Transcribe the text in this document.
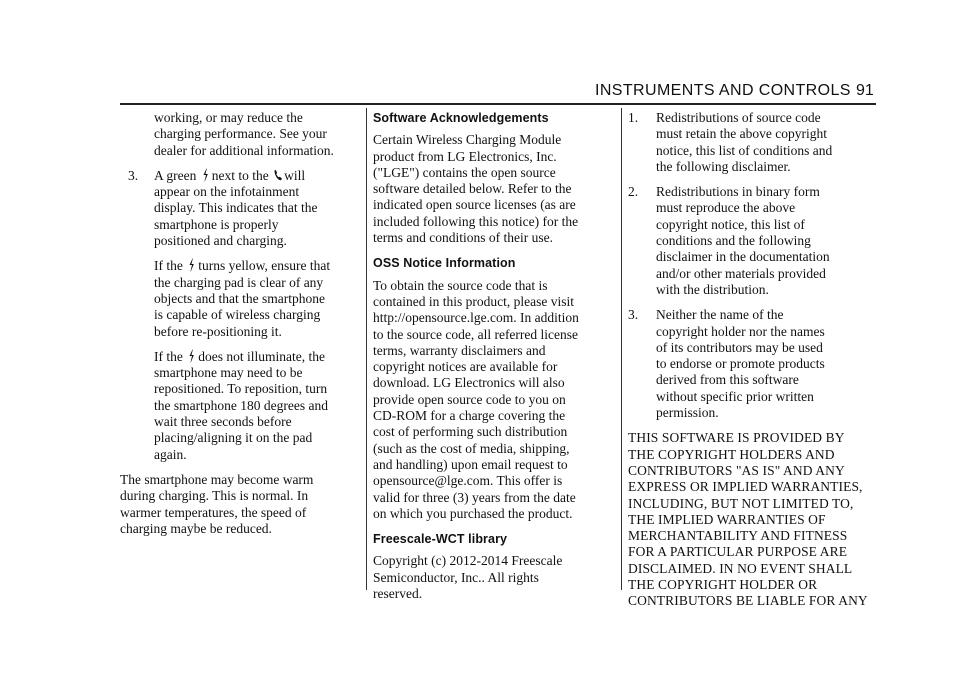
INSTRUMENTS AND CONTROLS 91
working, or may reduce the
charging performance. See your
dealer for additional information.
3. A green next to the will
appear on the infotainment
display. This indicates that the
smartphone is properly
positioned and charging.
If the turns yellow, ensure that
the charging pad is clear of any
objects and that the smartphone
is capable of wireless charging
before re-positioning it.
If the does not illuminate, the
smartphone may need to be
repositioned. To reposition, turn
the smartphone 180 degrees and
wait three seconds before
placing/aligning it on the pad
again.
The smartphone may become warm
during charging. This is normal. In
warmer temperatures, the speed of
charging maybe be reduced.
Software Acknowledgements
Certain Wireless Charging Module
product from LG Electronics, Inc.
("LGE") contains the open source
software detailed below. Refer to the
indicated open source licenses (as are
included following this notice) for the
terms and conditions of their use.
OSS Notice Information
To obtain the source code that is
contained in this product, please visit
http://opensource.lge.com. In addition
to the source code, all referred license
terms, warranty disclaimers and
copyright notices are available for
download. LG Electronics will also
provide open source code to you on
CD-ROM for a charge covering the
cost of performing such distribution
(such as the cost of media, shipping,
and handling) upon email request to
opensource@lge.com. This offer is
valid for three (3) years from the date
on which you purchased the product.
Freescale-WCT library
Copyright (c) 2012-2014 Freescale
Semiconductor, Inc.. All rights
reserved.
1. Redistributions of source code
must retain the above copyright
notice, this list of conditions and
the following disclaimer.
2. Redistributions in binary form
must reproduce the above
copyright notice, this list of
conditions and the following
disclaimer in the documentation
and/or other materials provided
with the distribution.
3. Neither the name of the
copyright holder nor the names
of its contributors may be used
to endorse or promote products
derived from this software
without specific prior written
permission.
THIS SOFTWARE IS PROVIDED BY
THE COPYRIGHT HOLDERS AND
CONTRIBUTORS "AS IS" AND ANY
EXPRESS OR IMPLIED WARRANTIES,
INCLUDING, BUT NOT LIMITED TO,
THE IMPLIED WARRANTIES OF
MERCHANTABILITY AND FITNESS
FOR A PARTICULAR PURPOSE ARE
DISCLAIMED. IN NO EVENT SHALL
THE COPYRIGHT HOLDER OR
CONTRIBUTORS BE LIABLE FOR ANY
